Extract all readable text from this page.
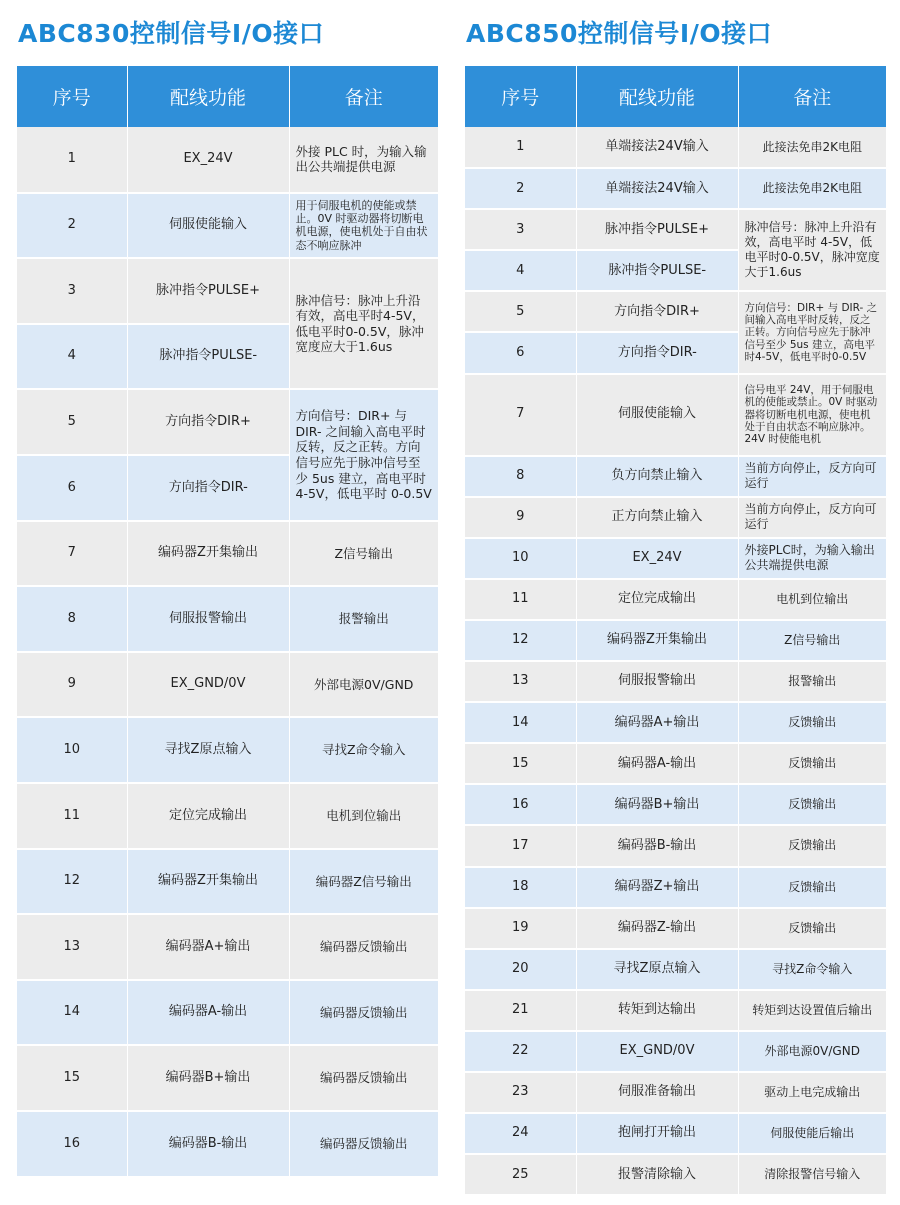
ABC830控制信号I/O接口	ABC850控制信号I/O接口
序号	配线功能	备注
1	EX_24V	外接 PLC 时，为输入输出公共端提供电源
2	伺服使能输入	用于伺服电机的使能或禁止。0V 时驱动器将切断电机电源，使电机处于自由状态不响应脉冲
3	脉冲指令PULSE+	脉冲信号：脉冲上升沿有效，高电平时4-5V，低电平时0-0.5V，脉冲宽度应大于1.6us
4	脉冲指令PULSE-	
5	方向指令DIR+	方向信号：DIR+ 与 DIR- 之间输入高电平时反转，反之正转。方向信号应先于脉冲信号至少 5us 建立，高电平时4-5V，低电平时 0-0.5V
6	方向指令DIR-	
7	编码器Z开集输出	Z信号输出
8	伺服报警输出	报警输出
9	EX_GND/0V	外部电源0V/GND
10	寻找Z原点输入	寻找Z命令输入
11	定位完成输出	电机到位输出
12	编码器Z开集输出	编码器Z信号输出
13	编码器A+输出	编码器反馈输出
14	编码器A-输出	编码器反馈输出
15	编码器B+输出	编码器反馈输出
16	编码器B-输出	编码器反馈输出
序号	配线功能	备注
1	单端接法24V输入	此接法免串2K电阻
2	单端接法24V输入	此接法免串2K电阻
3	脉冲指令PULSE+	脉冲信号：脉冲上升沿有效，高电平时 4-5V，低电平时0-0.5V，脉冲宽度大于1.6us
4	脉冲指令PULSE-	
5	方向指令DIR+	方向信号：DIR+ 与 DIR- 之间输入高电平时反转，反之正转。方向信号应先于脉冲信号至少 5us 建立，高电平时4-5V，低电平时0-0.5V
6	方向指令DIR-	
7	伺服使能输入	信号电平 24V，用于伺服电机的使能或禁止。0V 时驱动器将切断电机电源，使电机处于自由状态不响应脉冲。24V 时使能电机
8	负方向禁止输入	当前方向停止，反方向可运行
9	正方向禁止输入	当前方向停止，反方向可运行
10	EX_24V	外接PLC时，为输入输出公共端提供电源
11	定位完成输出	电机到位输出
12	编码器Z开集输出	Z信号输出
13	伺服报警输出	报警输出
14	编码器A+输出	反馈输出
15	编码器A-输出	反馈输出
16	编码器B+输出	反馈输出
17	编码器B-输出	反馈输出
18	编码器Z+输出	反馈输出
19	编码器Z-输出	反馈输出
20	寻找Z原点输入	寻找Z命令输入
21	转矩到达输出	转矩到达设置值后输出
22	EX_GND/0V	外部电源0V/GND
23	伺服准备输出	驱动上电完成输出
24	抱闸打开输出	伺服使能后输出
25	报警清除输入	清除报警信号输入
